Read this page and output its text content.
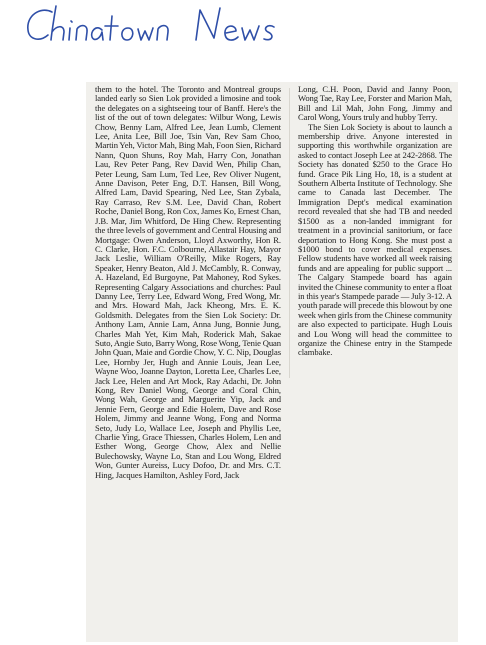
them to the hotel. The Toronto and Montreal groups landed early so Sien Lok provided a limosine and took the delegates on a sightseeing tour of Banff. Here's the list of the out of town delegates: Wilbur Wong, Lewis Chow, Benny Lam, Alfred Lee, Jean Lumb, Clement Lee, Anita Lee, Bill Joe, Tsin Van, Rev Sam Choo, Martin Yeh, Victor Mah, Bing Mah, Foon Sien, Richard Nann, Quon Shuns, Roy Mah, Harry Con, Jonathan Lau, Rev Peter Pang, Rev David Wen, Philip Chan, Peter Leung, Sam Lum, Ted Lee, Rev Oliver Nugent, Anne Davison, Peter Eng, D.T. Hansen, Bill Wong, Alfred Lam, David Spearing, Ned Lee, Stan Zybala, Ray Carraso, Rev S.M. Lee, David Chan, Robert Roche, Daniel Bong, Ron Cox, James Ko, Ernest Chan, J.B. Mar, Jim Whitford, De Hing Chew. Representing the three levels of government and Central Housing and Mortgage: Owen Anderson, Lloyd Axworthy, Hon R. C. Clarke, Hon. F.C. Colbourne, Allastair Hay, Mayor Jack Leslie, William O'Reilly, Mike Rogers, Ray Speaker, Henry Beaton, Ald J. McCambly, R. Conway, A. Hazeland, Ed Burgoyne, Pat Mahoney, Rod Sykes. Representing Calgary Associations and churches: Paul Danny Lee, Terry Lee, Edward Wong, Fred Wong, Mr. and Mrs. Howard Mah, Jack Kheong, Mrs. E. K. Goldsmith. Delegates from the Sien Lok Society: Dr. Anthony Lam, Annie Lam, Anna Jung, Bonnie Jung, Charles Mah Yet, Kim Mah, Roderick Mah, Sakae Suto, Angie Suto, Barry Wong, Rose Wong, Tenie Quan John Quan, Maie and Gordie Chow, Y. C. Nip, Douglas Lee, Hornby Jer, Hugh and Annie Louis, Jean Lee, Wayne Woo, Joanne Dayton, Loretta Lee, Charles Lee, Jack Lee, Helen and Art Mock, Ray Adachi, Dr. John Kong, Rev Daniel Wong, George and Coral Chin, Wong Wah, George and Marguerite Yip, Jack and Jennie Fern, George and Edie Holem, Dave and Rose Holem, Jimmy and Jeanne Wong, Fong and Norma Seto, Judy Lo, Wallace Lee, Joseph and Phyllis Lee, Charlie Ying, Grace Thiessen, Charles Holem, Len and Esther Wong, George Chow, Alex and Nellie Bulechowsky, Wayne Lo, Stan and Lou Wong, Eldred Won, Gunter Aureiss, Lucy Dofoo, Dr. and Mrs. C.T. Hing, Jacques Hamilton, Ashley Ford, Jack

Long, C.H. Poon, David and Janny Poon, Wong Tae, Ray Lee, Forster and Marion Mah, Bill and Lil Mah, John Fong, Jimmy and Carol Wong, Yours truly and hubby Terry.

The Sien Lok Society is about to launch a membership drive. Anyone interested in supporting this worthwhile organization are asked to contact Joseph Lee at 242-2868. The Society has donated $250 to the Grace Ho fund. Grace Pik Ling Ho, 18, is a student at Southern Alberta Institute of Technology. She came to Canada last December. The Immigration Dept's medical examination record revealed that she had TB and needed $1500 as a non-landed immigrant for treatment in a provincial sanitorium, or face deportation to Hong Kong. She must post a $1000 bond to cover medical expenses. Fellow students have worked all week raising funds and are appealing for public support ... The Calgary Stampede board has again invited the Chinese community to enter a float in this year's Stampede parade — July 3-12. A youth parade will precede this blowout by one week when girls from the Chinese community are also expected to participate. Hugh Louis and Lou Wong will head the committee to organize the Chinese entry in the Stampede clambake.
